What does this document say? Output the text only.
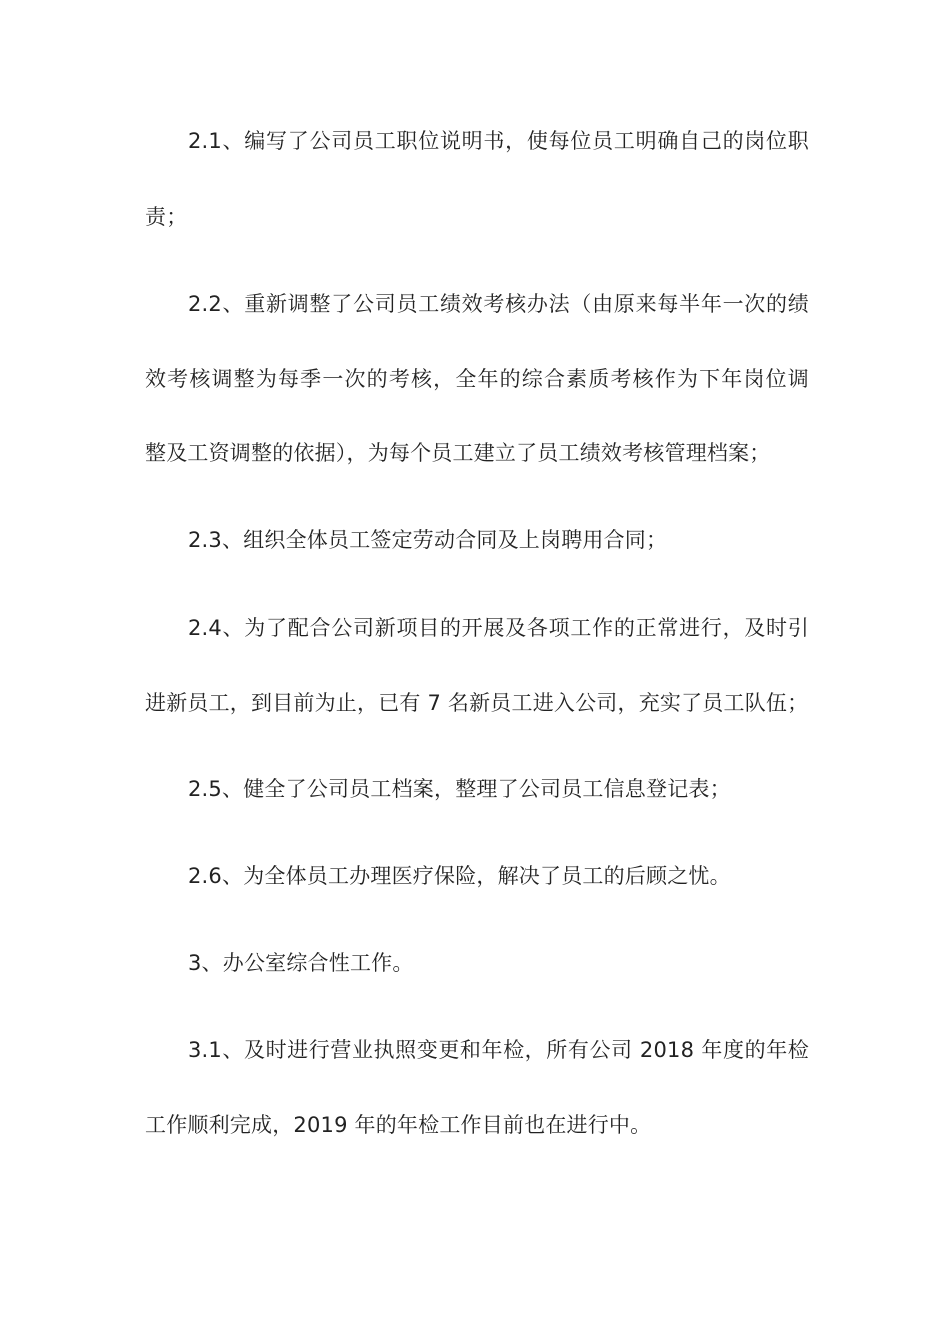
2.1、编写了公司员工职位说明书，使每位员工明确自己的岗位职
责；
2.2、重新调整了公司员工绩效考核办法（由原来每半年一次的绩
效考核调整为每季一次的考核，全年的综合素质考核作为下年岗位调
整及工资调整的依据），为每个员工建立了员工绩效考核管理档案；
2.3、组织全体员工签定劳动合同及上岗聘用合同；
2.4、为了配合公司新项目的开展及各项工作的正常进行，及时引
进新员工，到目前为止，已有 7 名新员工进入公司，充实了员工队伍；
2.5、健全了公司员工档案，整理了公司员工信息登记表；
2.6、为全体员工办理医疗保险，解决了员工的后顾之忧。
3、办公室综合性工作。
3.1、及时进行营业执照变更和年检，所有公司 2018 年度的年检
工作顺利完成，2019 年的年检工作目前也在进行中。
